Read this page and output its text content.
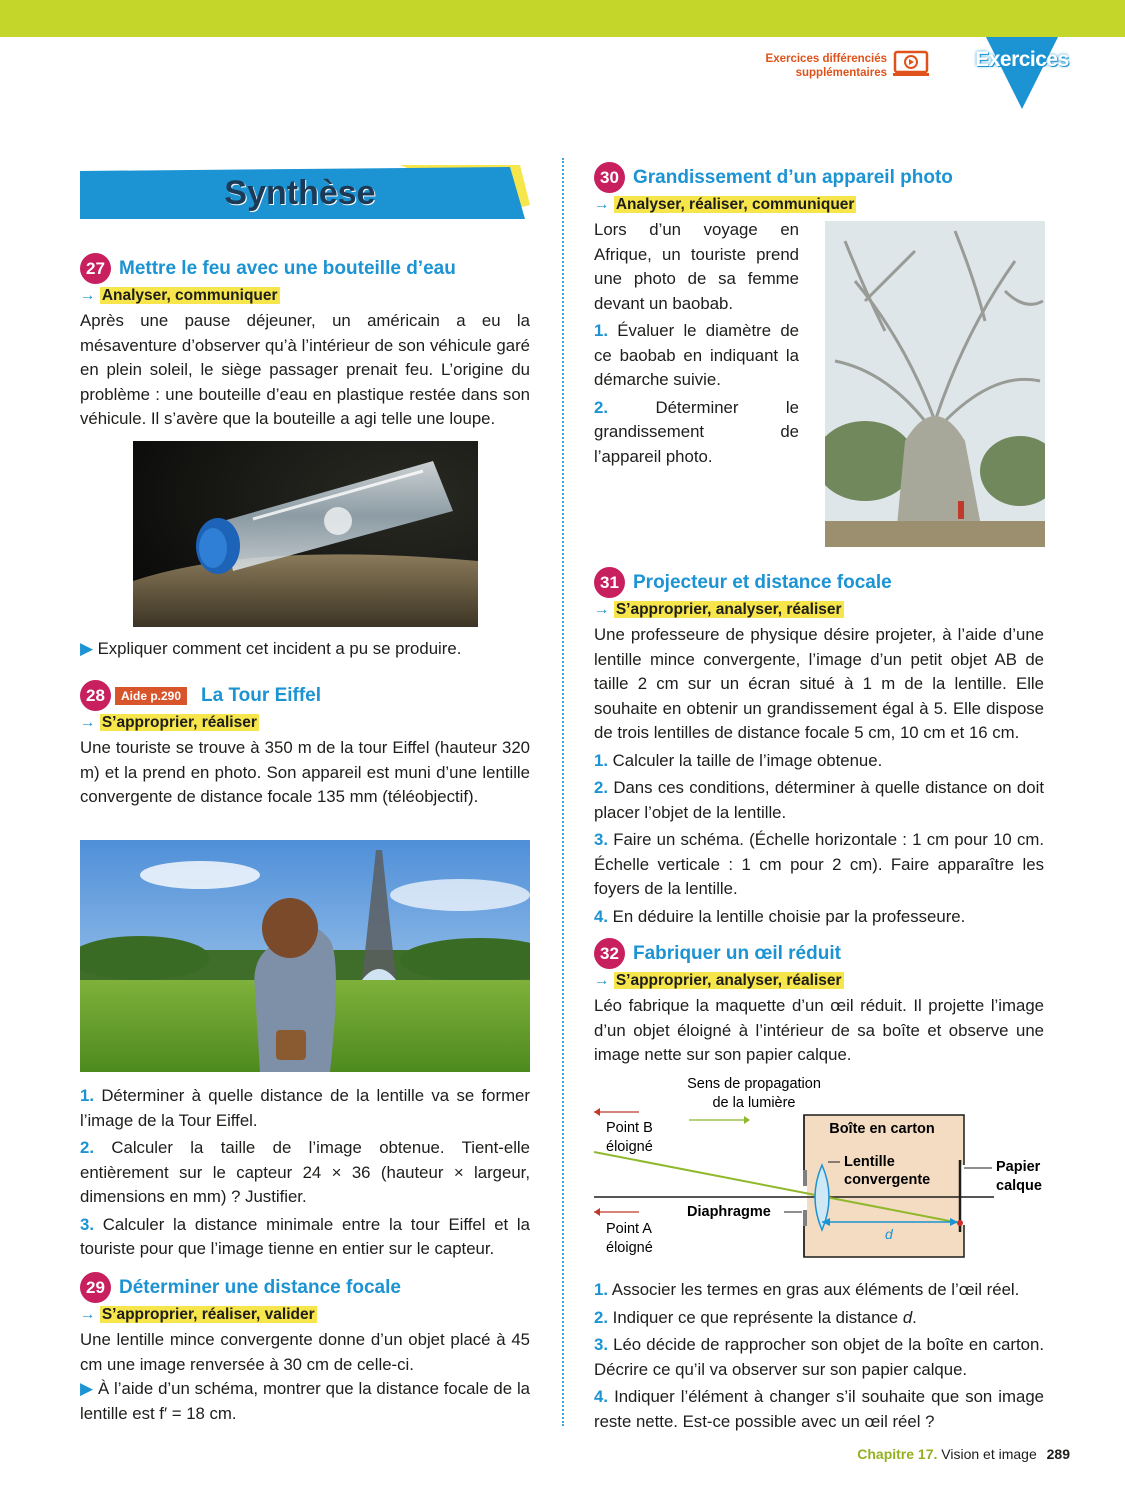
Exercices différenciés
supplémentaires
Exercices
Synthèse
27 Mettre le feu avec une bouteille d’eau
→ Analyser, communiquer

Après une pause déjeuner, un américain a eu la mésaventure d’observer qu’à l’intérieur de son véhicule garé en plein soleil, le siège passager prenait feu. L’origine du problème : une bouteille d’eau en plastique restée dans son véhicule. Il s’avère que la bouteille a agi telle une loupe.

▶ Expliquer comment cet incident a pu se produire.

28	Aide p.290	La Tour Eiffel
→ S’approprier, réaliser

Une touriste se trouve à 350 m de la tour Eiffel (hauteur 320 m) et la prend en photo. Son appareil est muni d’une lentille convergente de distance focale 135 mm (téléobjectif).

1. Déterminer à quelle distance de la lentille va se former l’image de la Tour Eiffel.

2. Calculer la taille de l’image obtenue. Tient-elle entièrement sur le capteur 24 × 36 (hauteur × largeur, dimensions en mm) ? Justifier.

3. Calculer la distance minimale entre la tour Eiffel et la touriste pour que l’image tienne en entier sur le capteur.

29 Déterminer une distance focale
→ S’approprier, réaliser, valider

Une lentille mince convergente donne d’un objet placé à 45 cm une image renversée à 30 cm de celle-ci.

▶ À l’aide d’un schéma, montrer que la distance focale de la lentille est f′ = 18 cm.

30 Grandissement d’un appareil photo
→ Analyser, réaliser, communiquer

Lors d’un voyage en Afrique, un touriste prend une photo de sa femme devant un baobab.

1. Évaluer le diamètre de ce baobab en indiquant la démarche suivie.

2.	Déterminer le grandissement de l’appareil photo.

31 Projecteur et distance focale
→ S’approprier, analyser, réaliser

Une professeure de physique désire projeter, à l’aide d’une lentille mince convergente, l’image d’un petit objet AB de taille 2 cm sur un écran situé à 1 m de la lentille. Elle souhaite en obtenir un grandissement égal à 5. Elle dispose de trois lentilles de distance focale 5 cm, 10 cm et 16 cm.

1. Calculer la taille de l’image obtenue.

2. Dans ces conditions, déterminer à quelle distance on doit placer l’objet de la lentille.

3. Faire un schéma. (Échelle horizontale : 1 cm pour 10 cm. Échelle verticale : 1 cm pour 2 cm). Faire apparaître les foyers de la lentille.

4. En déduire la lentille choisie par la professeure.

32 Fabriquer un œil réduit
→ S’approprier, analyser, réaliser

Léo fabrique la maquette d’un œil réduit. Il projette l’image d’un objet éloigné à l’intérieur de sa boîte et observe une image nette sur son papier calque.

Sens de propagation
de la lumière
Point B
éloigné
Point A
éloigné
Boîte en carton
Lentille
convergente
Papier
calque
Diaphragme
d

1. Associer les termes en gras aux éléments de l’œil réel.

2. Indiquer ce que représente la distance d.

3. Léo décide de rapprocher son objet de la boîte en carton. Décrire ce qu’il va observer sur son papier calque.

4. Indiquer l’élément à changer s’il souhaite que son image reste nette. Est-ce possible avec un œil réel ?

Chapitre 17. Vision et image 289
